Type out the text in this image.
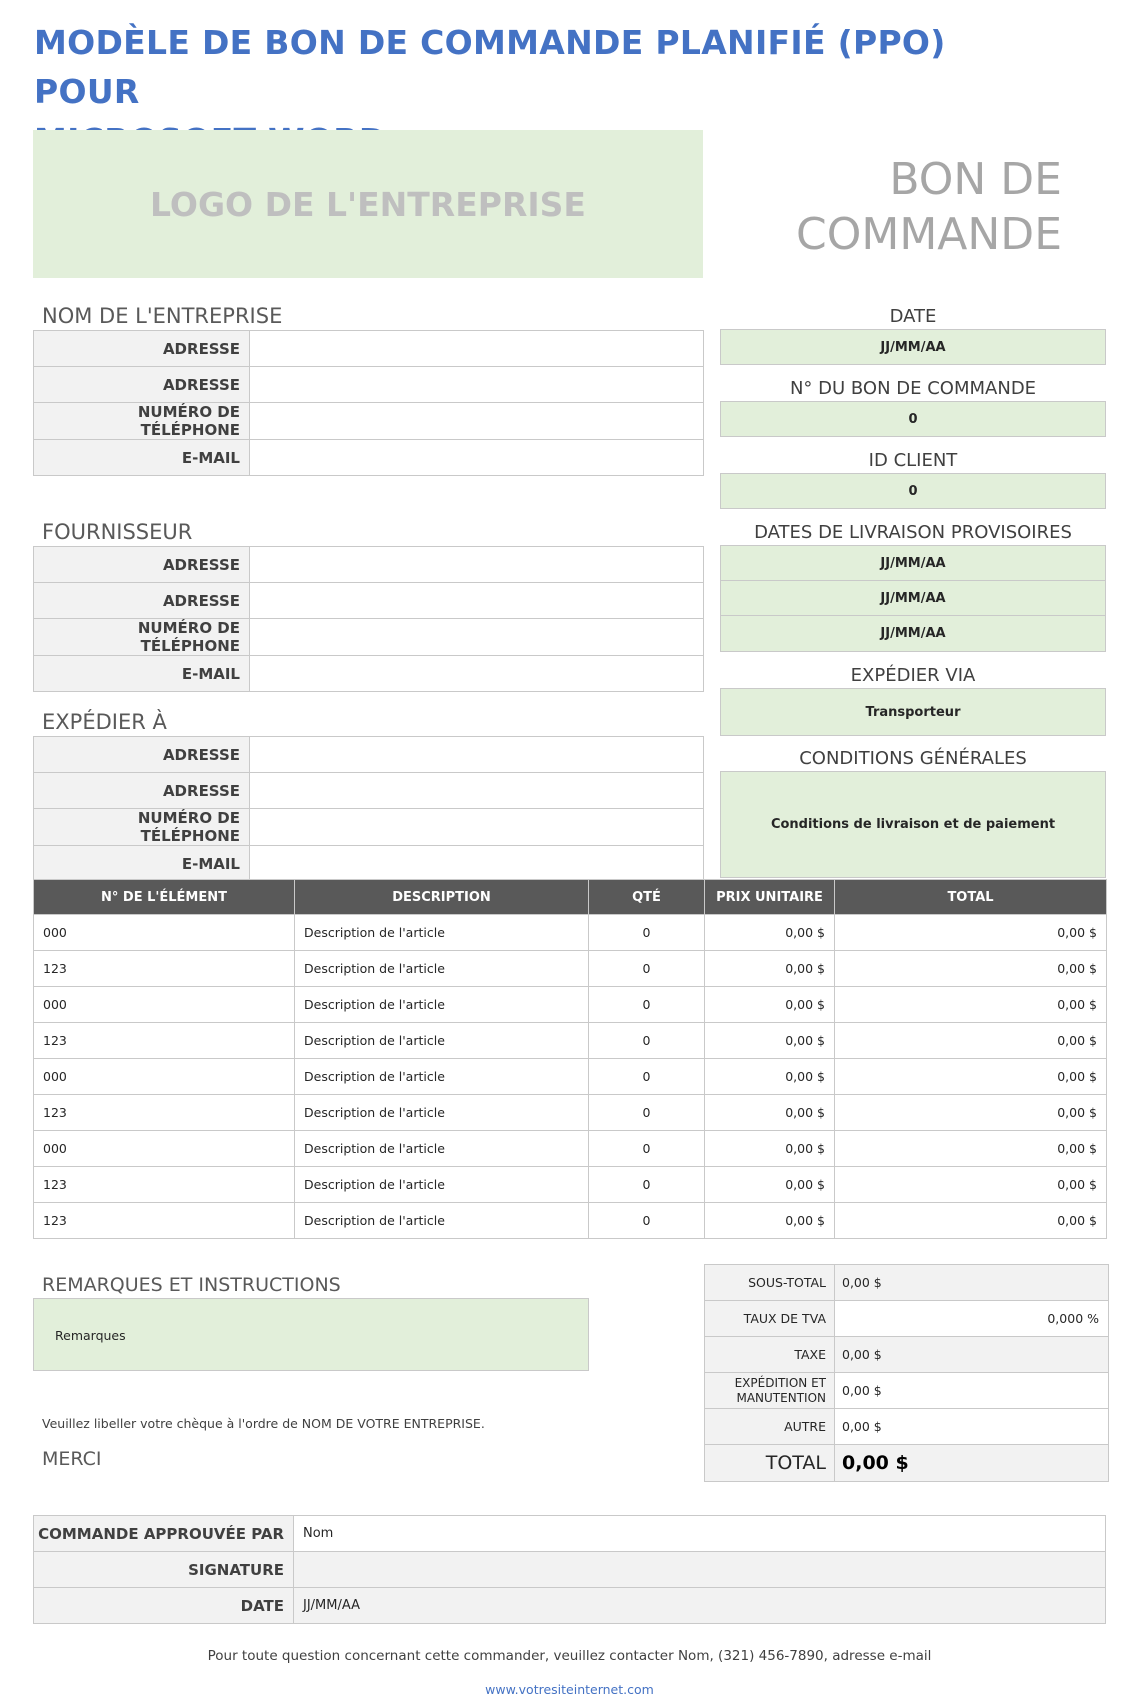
MODÈLE DE BON DE COMMANDE PLANIFIÉ (PPO) POUR
LOGO DE L'ENTREPRISE	BON DE
COMMANDE
NOM DE L'ENTREPRISE
ADRESSE	
ADRESSE	
NUMÉRO DE TÉLÉPHONE	
E-MAIL	
FOURNISSEUR
ADRESSE	
ADRESSE	
NUMÉRO DE TÉLÉPHONE	
E-MAIL	
EXPÉDIER À
ADRESSE	
ADRESSE	
NUMÉRO DE TÉLÉPHONE	
E-MAIL	
DATE
JJ/MM/AA
N° DU BON DE COMMANDE
0
ID CLIENT
0
DATES DE LIVRAISON PROVISOIRES
JJ/MM/AA
JJ/MM/AA
JJ/MM/AA
EXPÉDIER VIA
Transporteur
CONDITIONS GÉNÉRALES
Conditions de livraison et de paiement
N° DE L'ÉLÉMENT	DESCRIPTION	QTÉ	PRIX UNITAIRE	TOTAL
000	Description de l'article	0	0,00 $	0,00 $
123	Description de l'article	0	0,00 $	0,00 $
000	Description de l'article	0	0,00 $	0,00 $
123	Description de l'article	0	0,00 $	0,00 $
000	Description de l'article	0	0,00 $	0,00 $
123	Description de l'article	0	0,00 $	0,00 $
000	Description de l'article	0	0,00 $	0,00 $
123	Description de l'article	0	0,00 $	0,00 $
123	Description de l'article	0	0,00 $	0,00 $
REMARQUES ET INSTRUCTIONS
Remarques
Veuillez libeller votre chèque à l'ordre de NOM DE VOTRE ENTREPRISE.
MERCI
SOUS-TOTAL	0,00 $
TAUX DE TVA	0,000 %
TAXE	0,00 $

EXPÉDITION ET
MANUTENTION	0,00 $
AUTRE	0,00 $
TOTAL	0,00 $
COMMANDE APPROUVÉE PAR	Nom
SIGNATURE	
DATE	JJ/MM/AA
Pour toute question concernant cette commander, veuillez contacter Nom, (321) 456-7890, adresse e-mail
www.votresiteinternet.com
